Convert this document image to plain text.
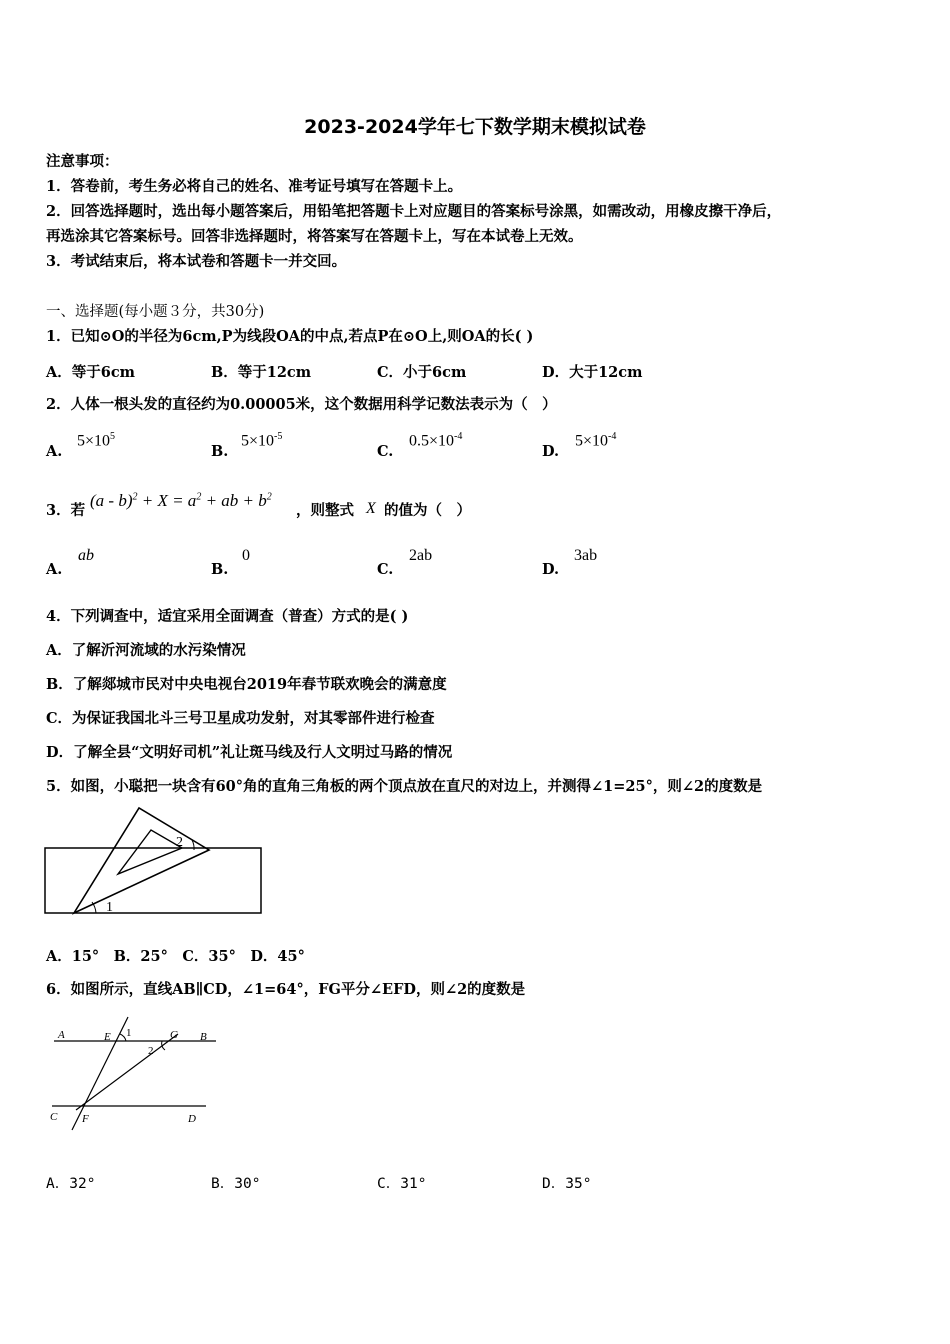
2023-2024学年七下数学期末模拟试卷
注意事项：
1．答卷前，考生务必将自己的姓名、准考证号填写在答题卡上。
2．回答选择题时，选出每小题答案后，用铅笔把答题卡上对应题目的答案标号涂黑，如需改动，用橡皮擦干净后，
再选涂其它答案标号。回答非选择题时，将答案写在答题卡上，写在本试卷上无效。
3．考试结束后，将本试卷和答题卡一并交回。
一、选择题(每小题３分，共30分)
1．已知⊙O的半径为6cm,P为线段OA的中点,若点P在⊙O上,则OA的长( )
A．等于6cm	B．等于12cm	C．小于6cm	D．大于12cm
2．人体一根头发的直径约为0.00005米，这个数据用科学记数法表示为（　）
A.
$5\times 10^5$
B.
$5\times 10^{-5}$
C.
$0.5\times 10^{-4}$
D.
$5\times 10^{-4}$
3．若
$(a - b)^2 + X = a^2$ + ab + $b^2$
，则整式 X 的值为（　）
A.
ab
B.
0
C.
2ab
D.
3ab
4．下列调查中，适宜采用全面调查（普查）方式的是( )
A．了解沂河流域的水污染情况
B．了解郯城市民对中央电视台2019年春节联欢晚会的满意度
C．为保证我国北斗三号卫星成功发射，对其零部件进行检查
D．了解全县“文明好司机”礼让斑马线及行人文明过马路的情况
5．如图，小聪把一块含有60°角的直角三角板的两个顶点放在直尺的对边上，并测得∠1=25°，则∠2的度数是
2
1
A．15°　B．25°　C．35°　D．45°
6．如图所示，直线AB∥CD，∠1=64°，FG平分∠EFD，则∠2的度数是
A	E 1	G B
2
C F	D
A．32°	B．30°	C．31°	D．35°
